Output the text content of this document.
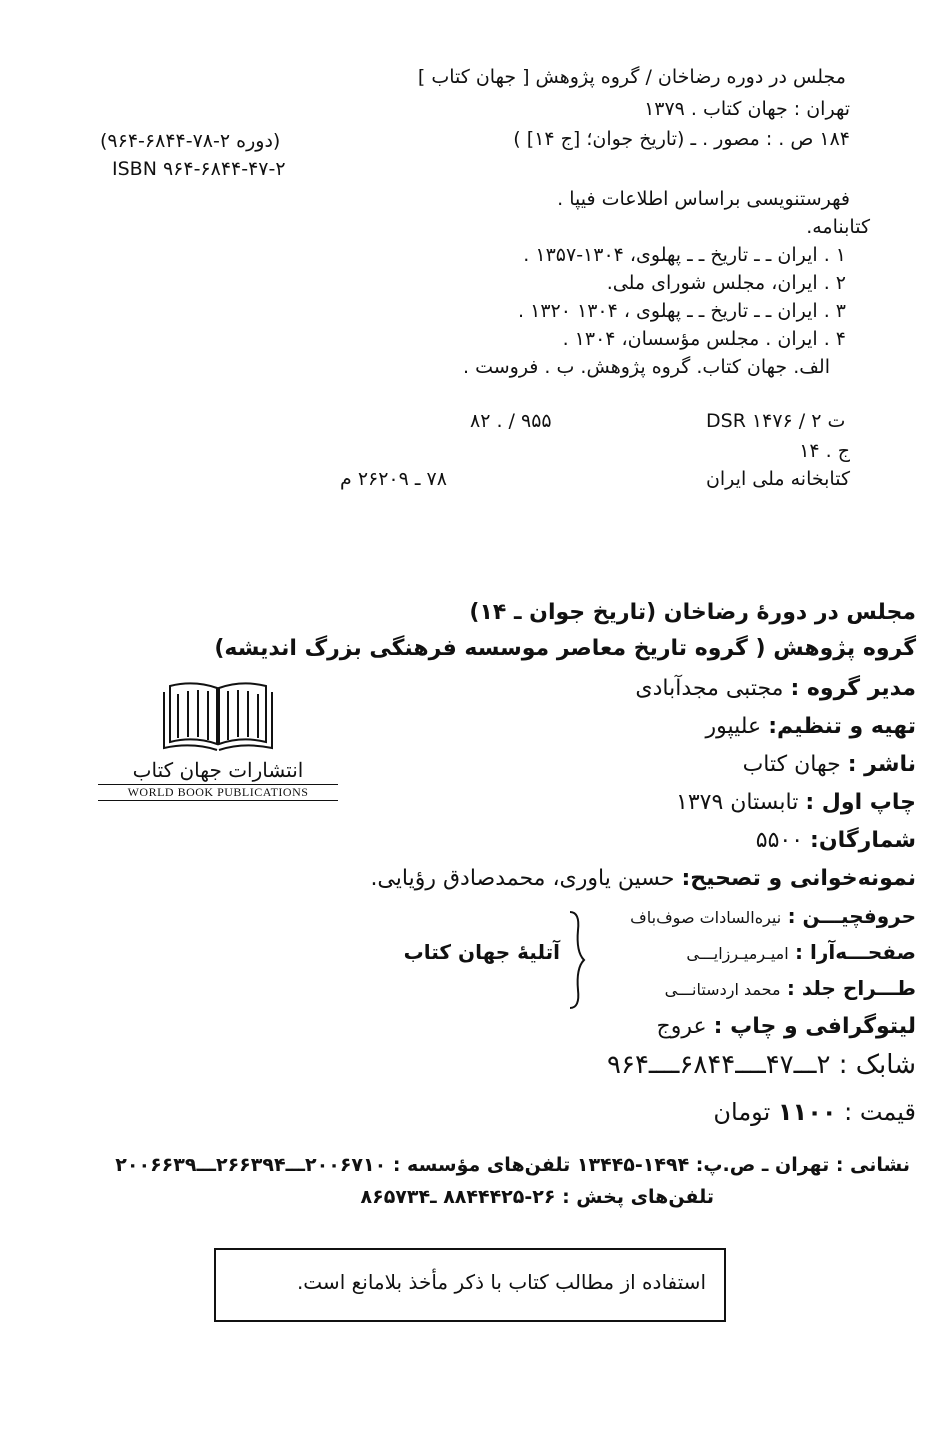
مجلس در دوره رضاخان / گروه پژوهش [ جهان کتاب ]
تهران : جهان کتاب . ۱۳۷۹
۱۸۴ ص . : مصور . ـ (تاریخ جوان؛ [ج ۱۴] )
(دوره ۲-۷۸-۶۸۴۴-۹۶۴)
ISBN ۹۶۴-۶۸۴۴-۴۷-۲
فهرستنویسی براساس اطلاعات فیپا .
کتابنامه.
۱ . ایران ـ ـ تاریخ ـ ـ پهلوی، ۱۳۰۴-۱۳۵۷ .
۲ . ایران، مجلس شورای ملی.
۳ . ایران ـ ـ تاریخ ـ ـ پهلوی ، ۱۳۰۴ ۱۳۲۰ .
۴ . ایران . مجلس مؤسسان، ۱۳۰۴ .
الف. جهان کتاب. گروه پژوهش. ب . فروست .
DSR ۱۴۷۶ / ۲ ت
۹۵۵ / . ۸۲
ج . ۱۴
کتابخانه ملی ایران
۷۸ ـ ۲۶۲۰۹ م
مجلس در دورۀ رضاخان (تاریخ جوان ـ ۱۴)
گروه پژوهش ( گروه تاریخ معاصر موسسه فرهنگی بزرگ اندیشه)
مدیر گروه : مجتبی مجدآبادی
تهیه و تنظیم: علیپور
ناشر : جهان کتاب
چاپ اول : تابستان ۱۳۷۹
شمارگان: ۵۵۰۰
نمونه‌خوانی و تصحیح: حسین یاوری، محمدصادق رؤیایی.
حروفچیـــن : نیره‌السادات صوف‌باف
صفحـــه‌آرا : امیـرمیـرزایـــی
طـــراح جلد : محمد اردستانـــی
آتلیۀ جهان کتاب
لیتوگرافی و چاپ : عروج
شابک : ۲ـــ۴۷ــــ۶۸۴۴ــــ۹۶۴
قیمت : ۱۱۰۰ تومان
نشانی : تهران ـ ص.پ: ۱۴۹۴-۱۳۴۴۵ تلفن‌های مؤسسه : ۲۰۰۶۷۱۰ـــ۲۶۶۳۹۴ـــ۲۰۰۶۶۳۹
تلفن‌های پخش : ۲۶-۸۸۴۴۴۲۵ ـ۸۶۵۷۳۴
انتشارات جهان کتاب
WORLD BOOK PUBLICATIONS
استفاده از مطالب کتاب با ذکر مأخذ بلامانع است.
